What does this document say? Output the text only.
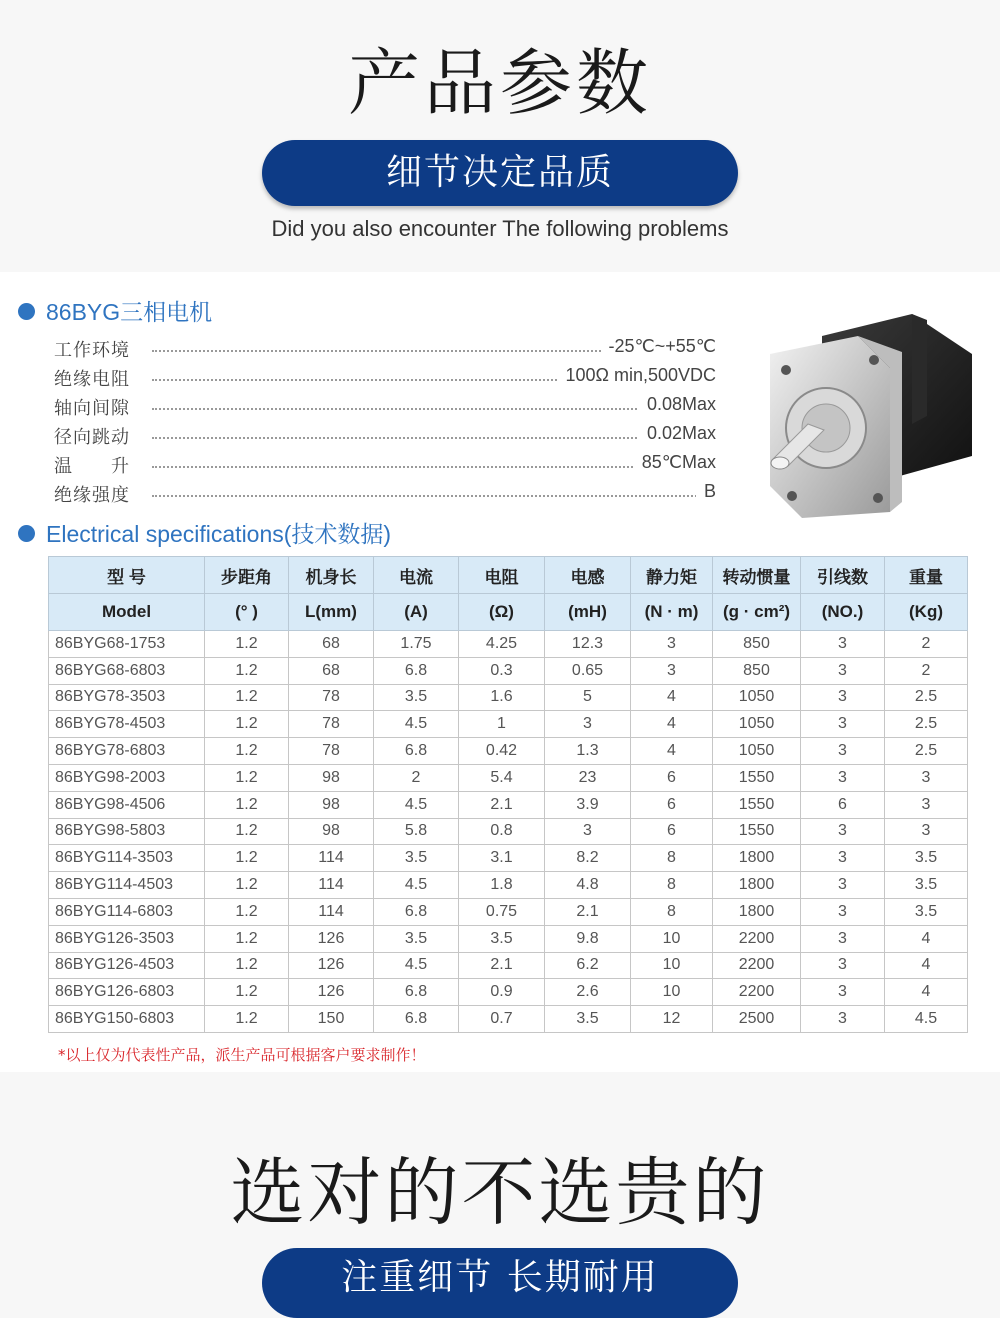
产品参数
细节决定品质
Did you also encounter The following problems
86BYG三相电机
工作环境	-25℃~+55℃
绝缘电阻	100Ω min,500VDC
轴向间隙	0.08Max
径向跳动	0.02Max
温　　升	85℃Max
绝缘强度	B
Electrical specifications(技术数据)
型 号	步距角	机身长	电流	电阻	电感	静力矩	转动惯量	引线数	重量
Model	(° )	L(mm)	(A)	(Ω)	(mH)	(N · m)	(g · cm²)	(NO.)	(Kg)
86BYG68-1753	1.2	68	1.75	4.25	12.3	3	850	3	2
86BYG68-6803	1.2	68	6.8	0.3	0.65	3	850	3	2
86BYG78-3503	1.2	78	3.5	1.6	5	4	1050	3	2.5
86BYG78-4503	1.2	78	4.5	1	3	4	1050	3	2.5
86BYG78-6803	1.2	78	6.8	0.42	1.3	4	1050	3	2.5
86BYG98-2003	1.2	98	2	5.4	23	6	1550	3	3
86BYG98-4506	1.2	98	4.5	2.1	3.9	6	1550	6	3
86BYG98-5803	1.2	98	5.8	0.8	3	6	1550	3	3
86BYG114-3503	1.2	114	3.5	3.1	8.2	8	1800	3	3.5
86BYG114-4503	1.2	114	4.5	1.8	4.8	8	1800	3	3.5
86BYG114-6803	1.2	114	6.8	0.75	2.1	8	1800	3	3.5
86BYG126-3503	1.2	126	3.5	3.5	9.8	10	2200	3	4
86BYG126-4503	1.2	126	4.5	2.1	6.2	10	2200	3	4
86BYG126-6803	1.2	126	6.8	0.9	2.6	10	2200	3	4
86BYG150-6803	1.2	150	6.8	0.7	3.5	12	2500	3	4.5
*以上仅为代表性产品，派生产品可根据客户要求制作！
选对的不选贵的
注重细节 长期耐用
